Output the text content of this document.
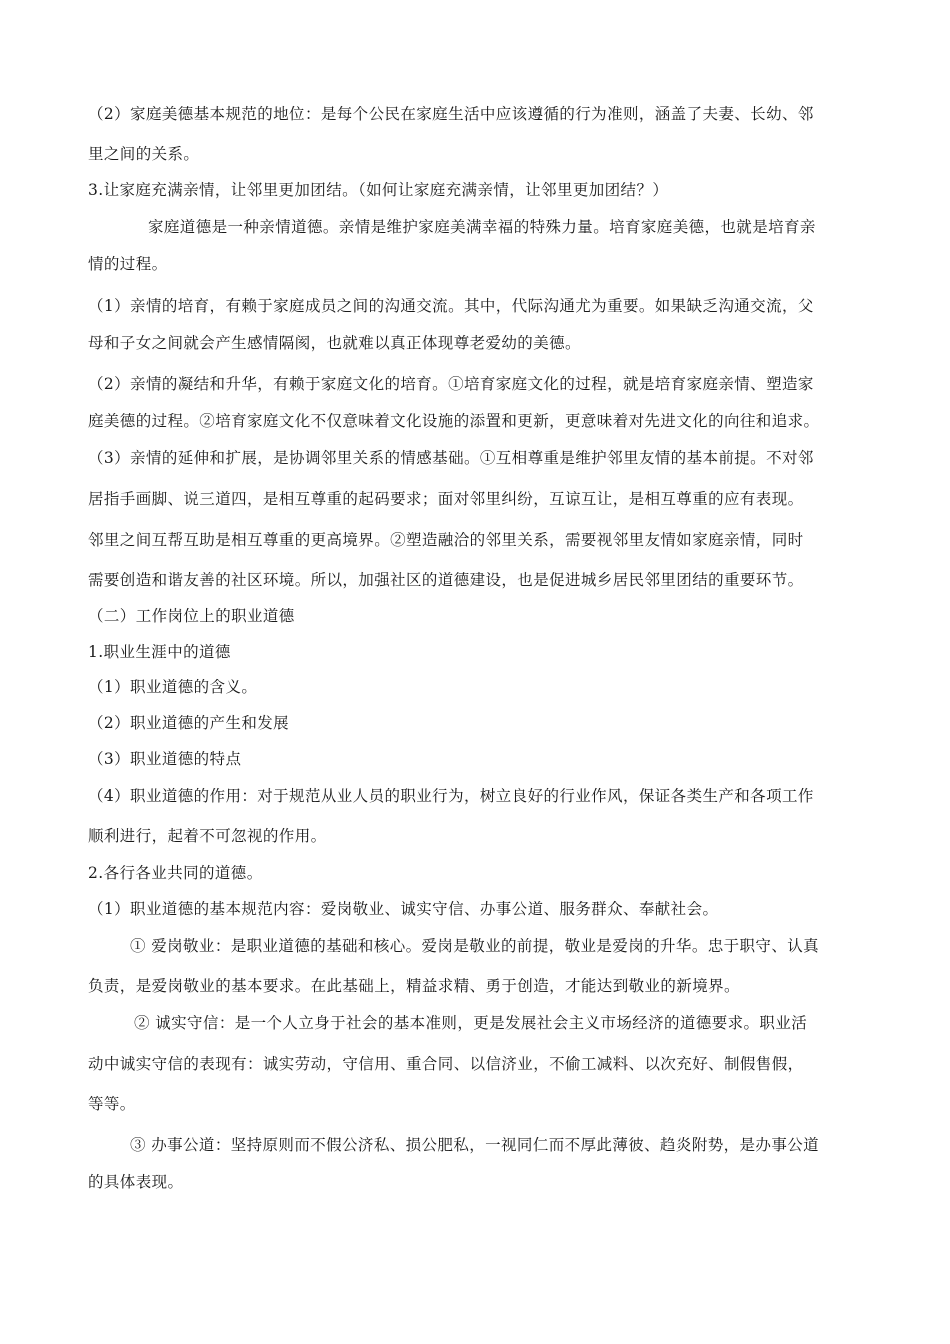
（2）家庭美德基本规范的地位：是每个公民在家庭生活中应该遵循的行为准则，涵盖了夫妻、长幼、邻
里之间的关系。
3.让家庭充满亲情，让邻里更加团结。（如何让家庭充满亲情，让邻里更加团结？）
家庭道德是一种亲情道德。亲情是维护家庭美满幸福的特殊力量。培育家庭美德，也就是培育亲
情的过程。
（1）亲情的培育，有赖于家庭成员之间的沟通交流。其中，代际沟通尤为重要。如果缺乏沟通交流，父
母和子女之间就会产生感情隔阂，也就难以真正体现尊老爱幼的美德。
（2）亲情的凝结和升华，有赖于家庭文化的培育。①培育家庭文化的过程，就是培育家庭亲情、塑造家
庭美德的过程。②培育家庭文化不仅意味着文化设施的添置和更新，更意味着对先进文化的向往和追求。
（3）亲情的延伸和扩展，是协调邻里关系的情感基础。①互相尊重是维护邻里友情的基本前提。不对邻
居指手画脚、说三道四，是相互尊重的起码要求；面对邻里纠纷，互谅互让，是相互尊重的应有表现。
邻里之间互帮互助是相互尊重的更高境界。②塑造融洽的邻里关系，需要视邻里友情如家庭亲情，同时
需要创造和谐友善的社区环境。所以，加强社区的道德建设，也是促进城乡居民邻里团结的重要环节。
（二）工作岗位上的职业道德
1.职业生涯中的道德
（1）职业道德的含义。
（2）职业道德的产生和发展
（3）职业道德的特点
（4）职业道德的作用：对于规范从业人员的职业行为，树立良好的行业作风，保证各类生产和各项工作
顺利进行，起着不可忽视的作用。
2.各行各业共同的道德。
（1）职业道德的基本规范内容：爱岗敬业、诚实守信、办事公道、服务群众、奉献社会。
① 爱岗敬业：是职业道德的基础和核心。爱岗是敬业的前提，敬业是爱岗的升华。忠于职守、认真
负责，是爱岗敬业的基本要求。在此基础上，精益求精、勇于创造，才能达到敬业的新境界。
② 诚实守信：是一个人立身于社会的基本准则，更是发展社会主义市场经济的道德要求。职业活
动中诚实守信的表现有：诚实劳动，守信用、重合同、以信济业，不偷工减料、以次充好、制假售假，
等等。
③ 办事公道：坚持原则而不假公济私、损公肥私，一视同仁而不厚此薄彼、趋炎附势，是办事公道
的具体表现。
